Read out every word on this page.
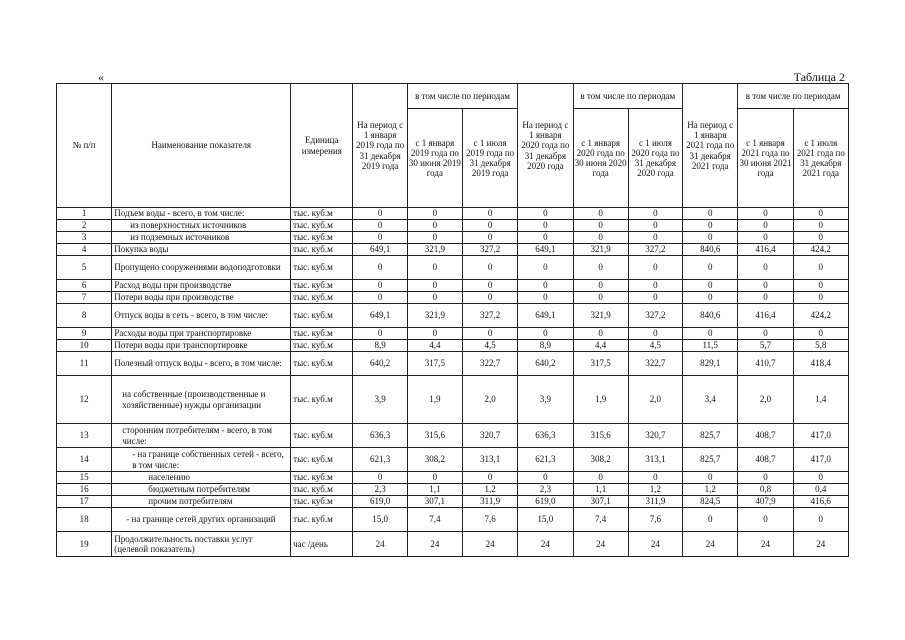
«	Таблица 2
№ п/п	Наименование показателя	Единица измерения	На период с 1 января 2019 года по 31 декабря 2019 года	в том числе по периодам		На период с 1 января 2020 года по 31 декабря 2020 года	в том числе по периодам		На период с 1 января 2021 года по 31 декабря 2021 года	в том числе по периодам	
				с 1 января 2019 года по 30 июня 2019 года	с 1 июля 2019 года по 31 декабря 2019 года		с 1 января 2020 года по 30 июня 2020 года	с 1 июля 2020 года по 31 декабря 2020 года		с 1 января 2021 года по 30 июня 2021 года	с 1 июля 2021 года по 31 декабря 2021 года
1	Подъем воды - всего, в том числе:	тыс. куб.м	0	0	0	0	0	0	0	0	0
2	из поверхностных источников	тыс. куб.м	0	0	0	0	0	0	0	0	0
3	из подземных источников	тыс. куб.м	0	0	0	0	0	0	0	0	0
4	Покупка воды	тыс. куб.м	649,1	321,9	327,2	649,1	321,9	327,2	840,6	416,4	424,2
5	Пропущено сооружениями водоподготовки	тыс. куб.м	0	0	0	0	0	0	0	0	0
6	Расход воды при производстве	тыс. куб.м	0	0	0	0	0	0	0	0	0
7	Потери воды при производстве	тыс. куб.м	0	0	0	0	0	0	0	0	0
8	Отпуск воды в сеть - всего, в том числе:	тыс. куб.м	649,1	321,9	327,2	649,1	321,9	327,2	840,6	416,4	424,2
9	Расходы воды при транспортировке	тыс. куб.м	0	0	0	0	0	0	0	0	0
10	Потери воды при транспортировке	тыс. куб.м	8,9	4,4	4,5	8,9	4,4	4,5	11,5	5,7	5,8
11	Полезный отпуск воды - всего, в том числе:	тыс. куб.м	640,2	317,5	322,7	640,2	317,5	322,7	829,1	410,7	418,4
12	на собственные (производственные и хозяйственные) нужды организации	тыс. куб.м	3,9	1,9	2,0	3,9	1,9	2,0	3,4	2,0	1,4
13	сторонним потребителям - всего, в том числе:	тыс. куб.м	636,3	315,6	320,7	636,3	315,6	320,7	825,7	408,7	417,0
14	- на границе собственных сетей - всего, в том числе:	тыс. куб.м	621,3	308,2	313,1	621,3	308,2	313,1	825,7	408,7	417,0
15	населению	тыс. куб.м	0	0	0	0	0	0	0	0	0
16	бюджетным потребителям	тыс. куб.м	2,3	1,1	1,2	2,3	1,1	1,2	1,2	0,8	0,4
17	прочим потребителям	тыс. куб.м	619,0	307,1	311,9	619,0	307,1	311,9	824,5	407,9	416,6
18	- на границе сетей других организаций	тыс. куб.м	15,0	7,4	7,6	15,0	7,4	7,6	0	0	0
19	Продолжительность поставки услуг (целевой показатель)	час /день	24	24	24	24	24	24	24	24	24
